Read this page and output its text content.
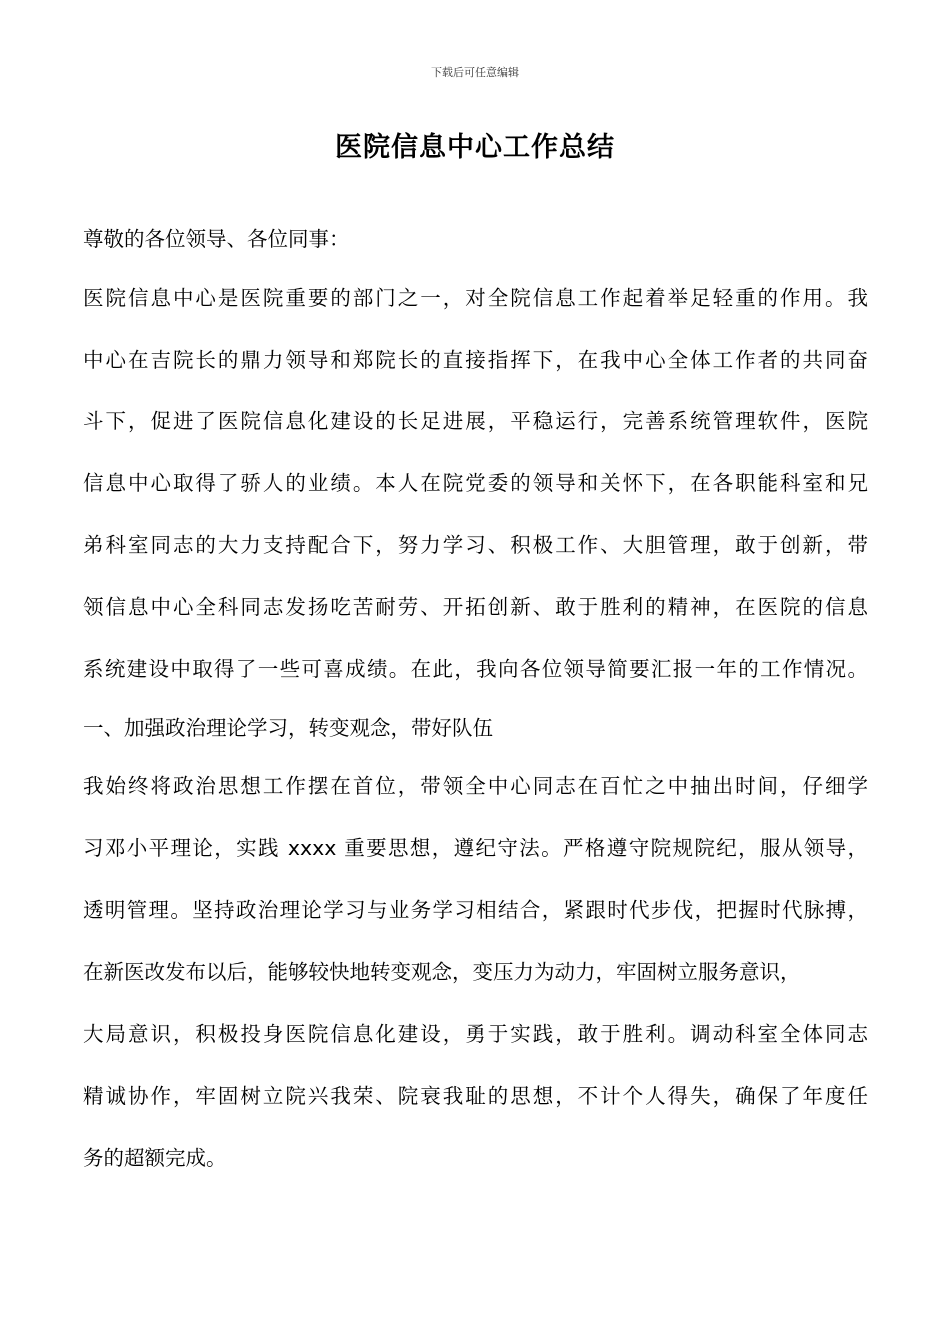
下载后可任意编辑
医院信息中心工作总结
尊敬的各位领导、各位同事：
医院信息中心是医院重要的部门之一，对全院信息工作起着举足轻重的作用。我
中心在吉院长的鼎力领导和郑院长的直接指挥下，在我中心全体工作者的共同奋
斗下，促进了医院信息化建设的长足进展，平稳运行，完善系统管理软件，医院
信息中心取得了骄人的业绩。本人在院党委的领导和关怀下，在各职能科室和兄
弟科室同志的大力支持配合下，努力学习、积极工作、大胆管理，敢于创新，带
领信息中心全科同志发扬吃苦耐劳、开拓创新、敢于胜利的精神，在医院的信息
系统建设中取得了一些可喜成绩。在此，我向各位领导简要汇报一年的工作情况。
一、加强政治理论学习，转变观念，带好队伍
我始终将政治思想工作摆在首位，带领全中心同志在百忙之中抽出时间，仔细学
习邓小平理论，实践 xxxx 重要思想，遵纪守法。严格遵守院规院纪，服从领导，
透明管理。坚持政治理论学习与业务学习相结合，紧跟时代步伐，把握时代脉搏，
在新医改发布以后，能够较快地转变观念，变压力为动力，牢固树立服务意识，
大局意识，积极投身医院信息化建设，勇于实践，敢于胜利。调动科室全体同志
精诚协作，牢固树立院兴我荣、院衰我耻的思想，不计个人得失，确保了年度任
务的超额完成。
